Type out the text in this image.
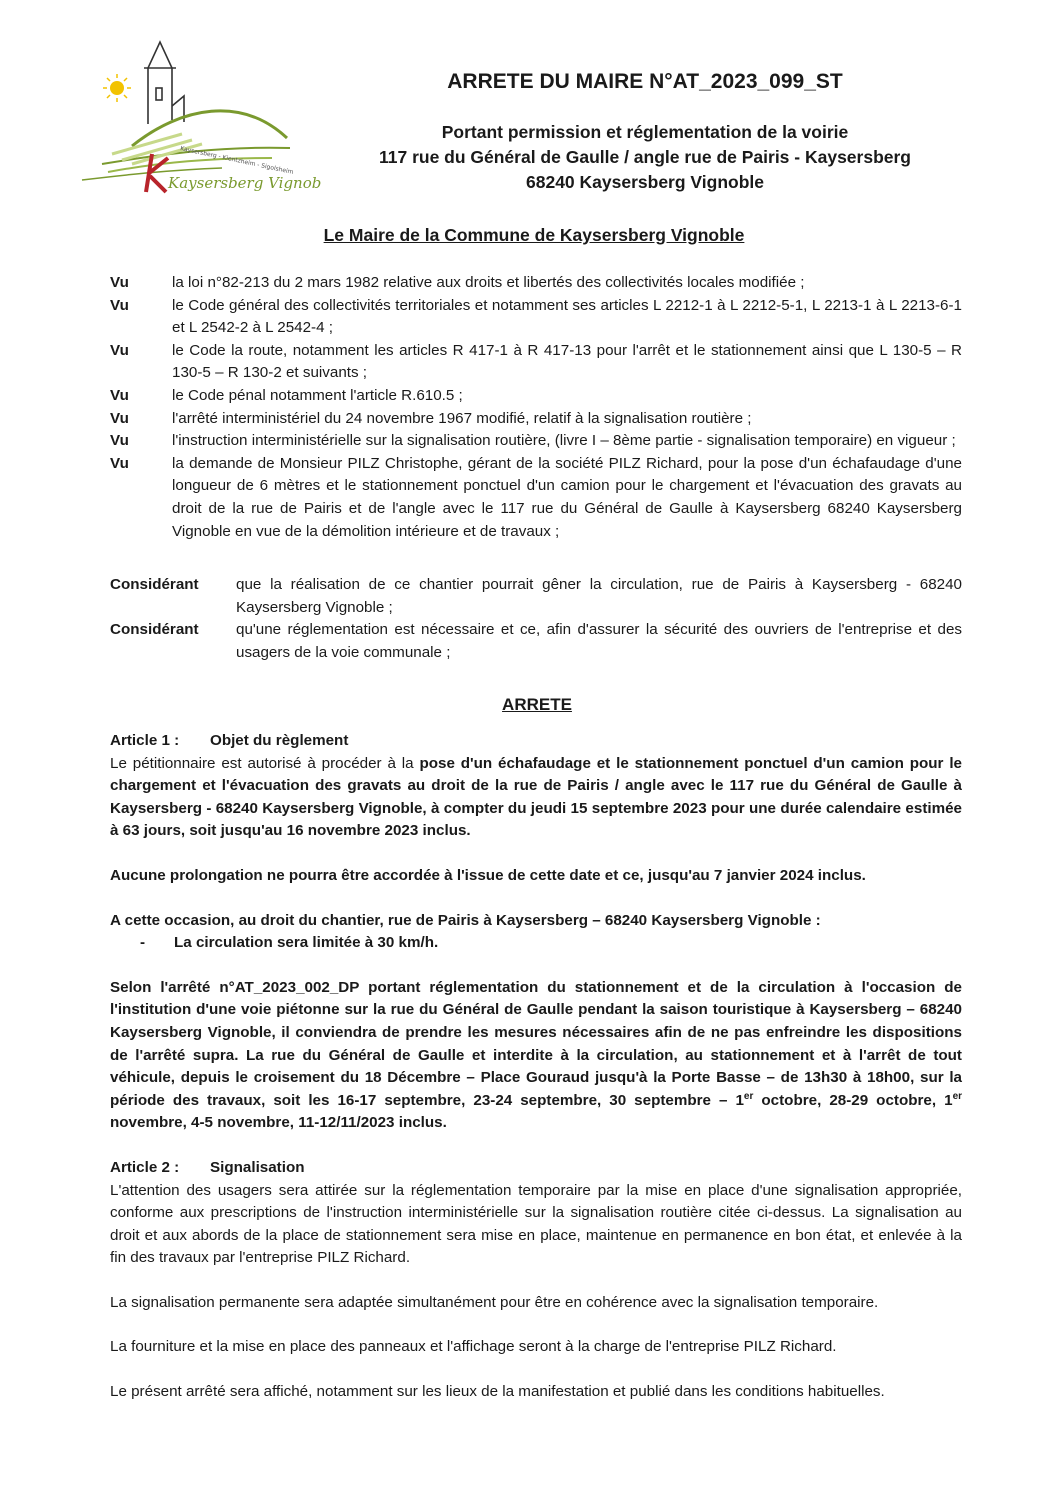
Kaysersberg - Kientzheim - Sigolsheim
Kaysersberg Vignoble
ARRETE DU MAIRE N°AT_2023_099_ST
Portant permission et réglementation de la voirie
117 rue du Général de Gaulle / angle rue de Pairis - Kaysersberg
68240 Kaysersberg Vignoble
Le Maire de la Commune de Kaysersberg Vignoble
Vu	la loi n°82-213 du 2 mars 1982 relative aux droits et libertés des collectivités locales modifiée ;
Vu	le Code général des collectivités territoriales et notamment ses articles L 2212-1 à L 2212-5-1, L 2213-1 à L 2213-6-1 et L 2542-2 à L 2542-4 ;
Vu	le Code la route, notamment les articles R 417-1 à R 417-13 pour l'arrêt et le stationnement ainsi que L 130-5 – R 130-5 – R 130-2 et suivants ;
Vu	le Code pénal notamment l'article R.610.5 ;
Vu	l'arrêté interministériel du 24 novembre 1967 modifié, relatif à la signalisation routière ;
Vu	l'instruction interministérielle sur la signalisation routière, (livre I – 8ème partie - signalisation temporaire) en vigueur ;
Vu	la demande de Monsieur PILZ Christophe, gérant de la société PILZ Richard, pour la pose d'un échafaudage d'une longueur de 6 mètres et le stationnement ponctuel d'un camion pour le chargement et l'évacuation des gravats au droit de la rue de Pairis et de l'angle avec le 117 rue du Général de Gaulle à Kaysersberg 68240 Kaysersberg Vignoble en vue de la démolition intérieure et de travaux ;
Considérant	que la réalisation de ce chantier pourrait gêner la circulation, rue de Pairis à Kaysersberg - 68240 Kaysersberg Vignoble ;
Considérant	qu'une réglementation est nécessaire et ce, afin d'assurer la sécurité des ouvriers de l'entreprise et des usagers de la voie communale ;
ARRETE
Article 1 :	Objet du règlement

Le pétitionnaire est autorisé à procéder à la pose d'un échafaudage et le stationnement ponctuel d'un camion pour le chargement et l'évacuation des gravats au droit de la rue de Pairis / angle avec le 117 rue du Général de Gaulle à Kaysersberg - 68240 Kaysersberg Vignoble, à compter du jeudi 15 septembre 2023 pour une durée calendaire estimée à 63 jours, soit jusqu'au 16 novembre 2023 inclus.

Aucune prolongation ne pourra être accordée à l'issue de cette date et ce, jusqu'au 7 janvier 2024 inclus.

A cette occasion, au droit du chantier, rue de Pairis à Kaysersberg – 68240 Kaysersberg Vignoble :

-	La circulation sera limitée à 30 km/h.

Selon l'arrêté n°AT_2023_002_DP portant réglementation du stationnement et de la circulation à l'occasion de l'institution d'une voie piétonne sur la rue du Général de Gaulle pendant la saison touristique à Kaysersberg – 68240 Kaysersberg Vignoble, il conviendra de prendre les mesures nécessaires afin de ne pas enfreindre les dispositions de l'arrêté supra. La rue du Général de Gaulle et interdite à la circulation, au stationnement et à l'arrêt de tout véhicule, depuis le croisement du 18 Décembre – Place Gouraud jusqu'à la Porte Basse – de 13h30 à 18h00, sur la période des travaux, soit les 16-17 septembre, 23-24 septembre, 30 septembre – 1er octobre, 28-29 octobre, 1er novembre, 4-5 novembre, 11-12/11/2023 inclus.

Article 2 :	Signalisation

L'attention des usagers sera attirée sur la réglementation temporaire par la mise en place d'une signalisation appropriée, conforme aux prescriptions de l'instruction interministérielle sur la signalisation routière citée ci-dessus. La signalisation au droit et aux abords de la place de stationnement sera mise en place, maintenue en permanence en bon état, et enlevée à la fin des travaux par l'entreprise PILZ Richard.

La signalisation permanente sera adaptée simultanément pour être en cohérence avec la signalisation temporaire.

La fourniture et la mise en place des panneaux et l'affichage seront à la charge de l'entreprise PILZ Richard.

Le présent arrêté sera affiché, notamment sur les lieux de la manifestation et publié dans les conditions habituelles.
